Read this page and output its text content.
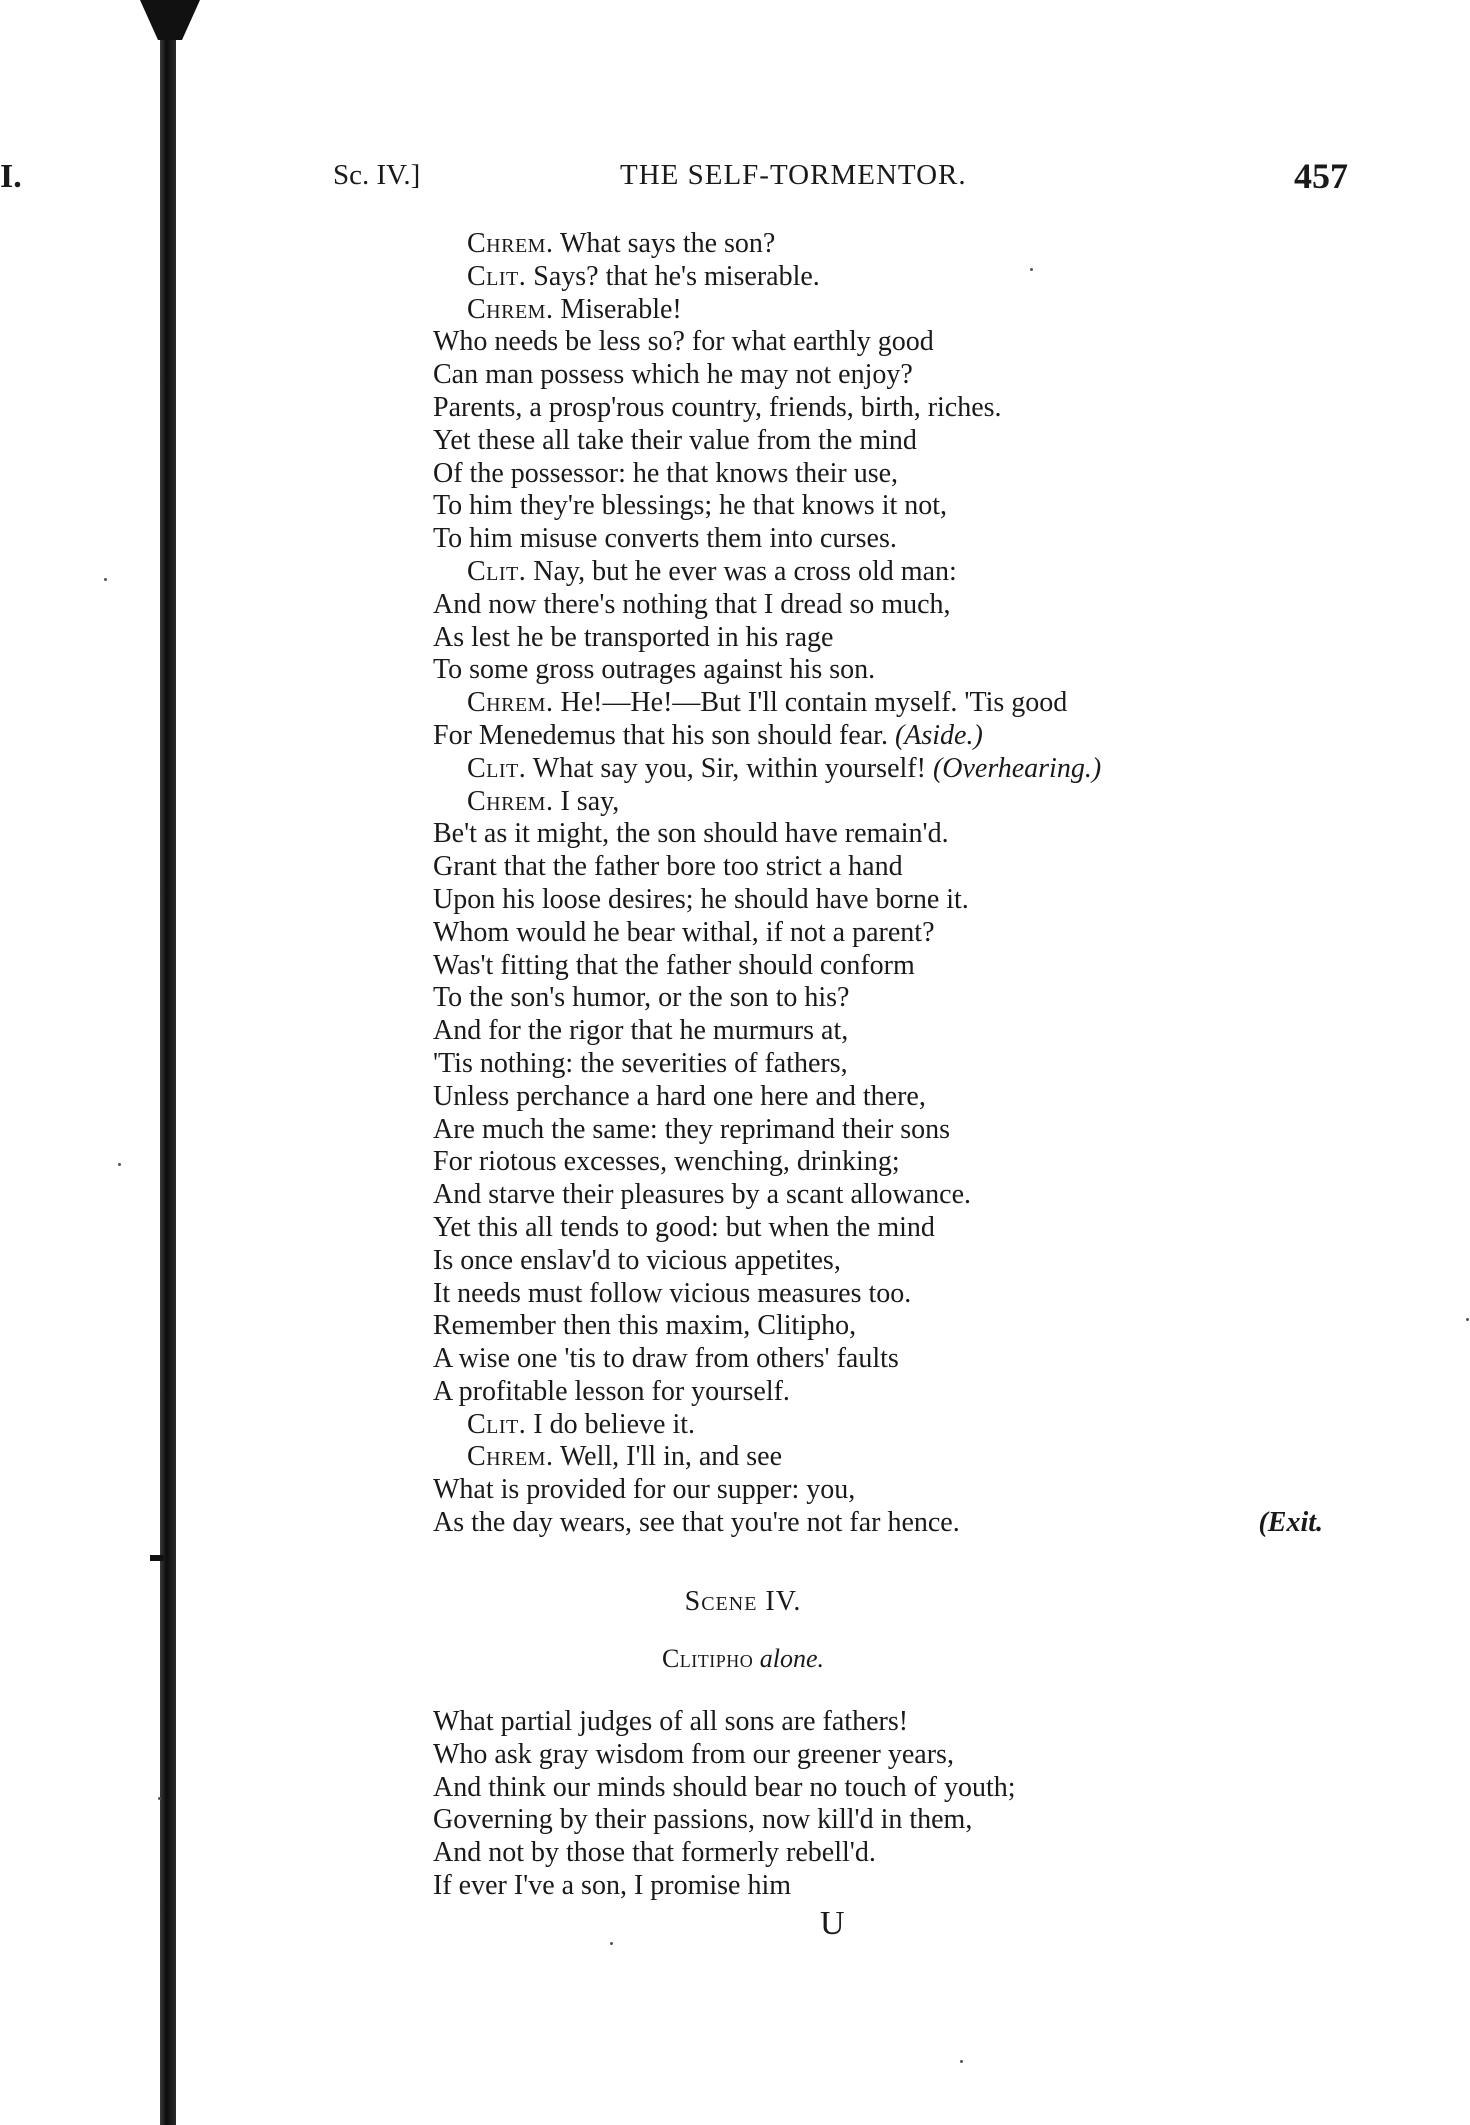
I.	Sc. IV.]	THE SELF-TORMENTOR.	457
Chrem. What says the son?
Clit. Says? that he's miserable.
Chrem. Miserable!
Who needs be less so? for what earthly good
Can man possess which he may not enjoy?
Parents, a prosp'rous country, friends, birth, riches.
Yet these all take their value from the mind
Of the possessor: he that knows their use,
To him they're blessings; he that knows it not,
To him misuse converts them into curses.
Clit. Nay, but he ever was a cross old man:
And now there's nothing that I dread so much,
As lest he be transported in his rage
To some gross outrages against his son.
Chrem. He!—He!—But I'll contain myself. 'Tis good
For Menedemus that his son should fear. (Aside.)
Clit. What say you, Sir, within yourself! (Overhearing.)
Chrem. I say,
Be't as it might, the son should have remain'd.
Grant that the father bore too strict a hand
Upon his loose desires; he should have borne it.
Whom would he bear withal, if not a parent?
Was't fitting that the father should conform
To the son's humor, or the son to his?
And for the rigor that he murmurs at,
'Tis nothing: the severities of fathers,
Unless perchance a hard one here and there,
Are much the same: they reprimand their sons
For riotous excesses, wenching, drinking;
And starve their pleasures by a scant allowance.
Yet this all tends to good: but when the mind
Is once enslav'd to vicious appetites,
It needs must follow vicious measures too.
Remember then this maxim, Clitipho,
A wise one 'tis to draw from others' faults
A profitable lesson for yourself.
Clit. I do believe it.
Chrem. Well, I'll in, and see
What is provided for our supper: you,
As the day wears, see that you're not far hence.	(Exit.
Scene IV.
Clitipho alone.
What partial judges of all sons are fathers!
Who ask gray wisdom from our greener years,
And think our minds should bear no touch of youth;
Governing by their passions, now kill'd in them,
And not by those that formerly rebell'd.
If ever I've a son, I promise him
U
